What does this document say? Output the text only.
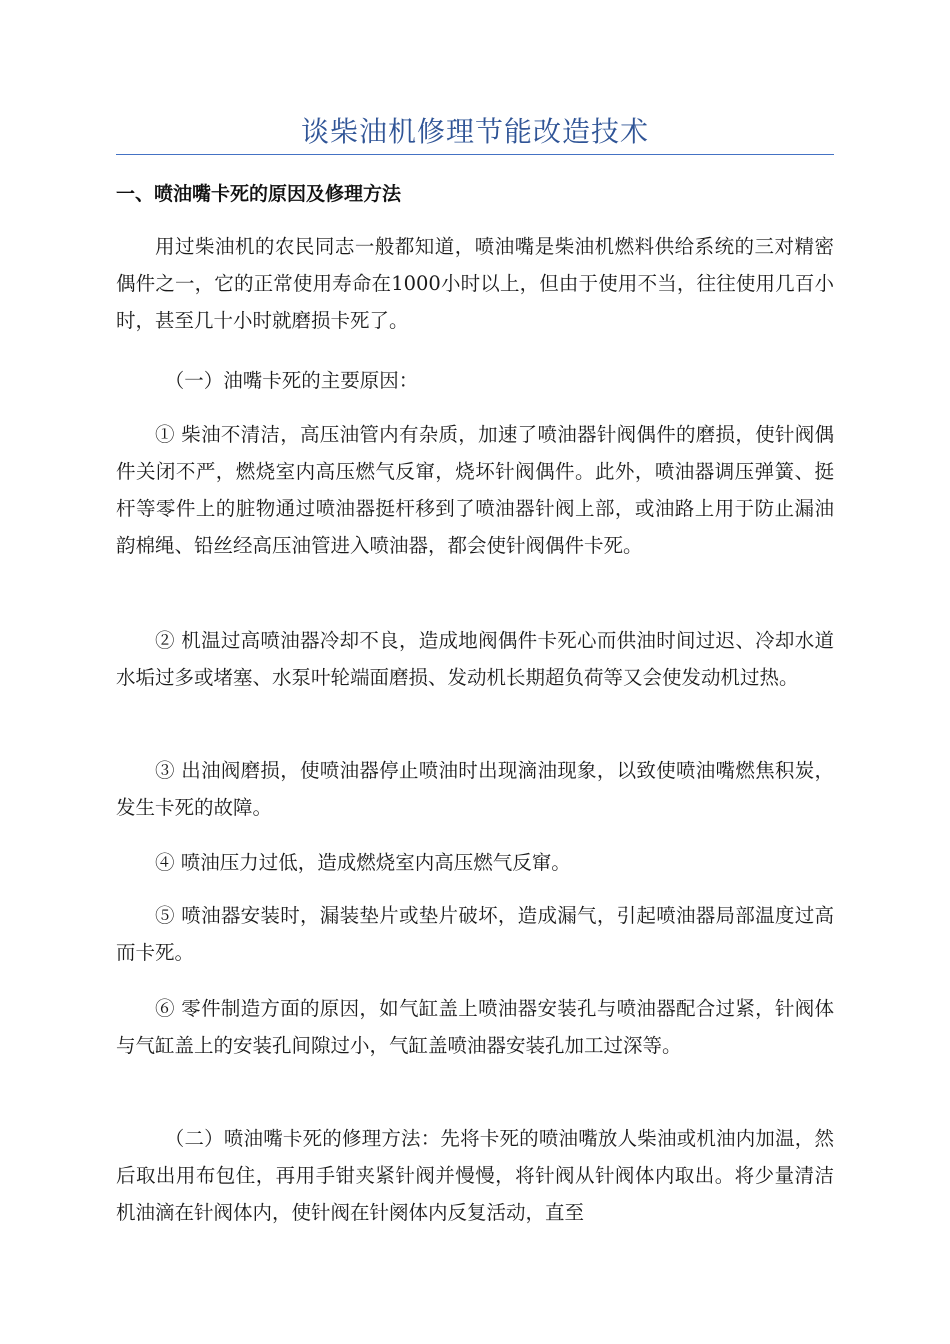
谈柴油机修理节能改造技术
一、喷油嘴卡死的原因及修理方法
用过柴油机的农民同志一般都知道，喷油嘴是柴油机燃料供给系统的三对精密偶件之一，它的正常使用寿命在1000小时以上，但由于使用不当，往往使用几百小时，甚至几十小时就磨损卡死了。
（一）油嘴卡死的主要原因：
① 柴油不清洁，高压油管内有杂质，加速了喷油器针阀偶件的磨损，使针阀偶件关闭不严，燃烧室内高压燃气反窜，烧坏针阀偶件。此外，喷油器调压弹簧、挺杆等零件上的脏物通过喷油器挺杆移到了喷油器针阀上部，或油路上用于防止漏油韵棉绳、铅丝经高压油管进入喷油器，都会使针阀偶件卡死。
② 机温过高喷油器冷却不良，造成地阀偶件卡死心而供油时间过迟、冷却水道水垢过多或堵塞、水泵叶轮端面磨损、发动机长期超负荷等又会使发动机过热。
③ 出油阀磨损，使喷油器停止喷油时出现滴油现象，以致使喷油嘴燃焦积炭，发生卡死的故障。
④ 喷油压力过低，造成燃烧室内高压燃气反窜。
⑤ 喷油器安装时，漏装垫片或垫片破坏，造成漏气，引起喷油器局部温度过高而卡死。
⑥ 零件制造方面的原因，如气缸盖上喷油器安装孔与喷油器配合过紧，针阀体与气缸盖上的安装孔间隙过小，气缸盖喷油器安装孔加工过深等。
（二）喷油嘴卡死的修理方法：先将卡死的喷油嘴放人柴油或机油内加温，然后取出用布包住，再用手钳夹紧针阀并慢慢，将针阀从针阀体内取出。将少量清洁机油滴在针阀体内，使针阀在针阕体内反复活动，直至
